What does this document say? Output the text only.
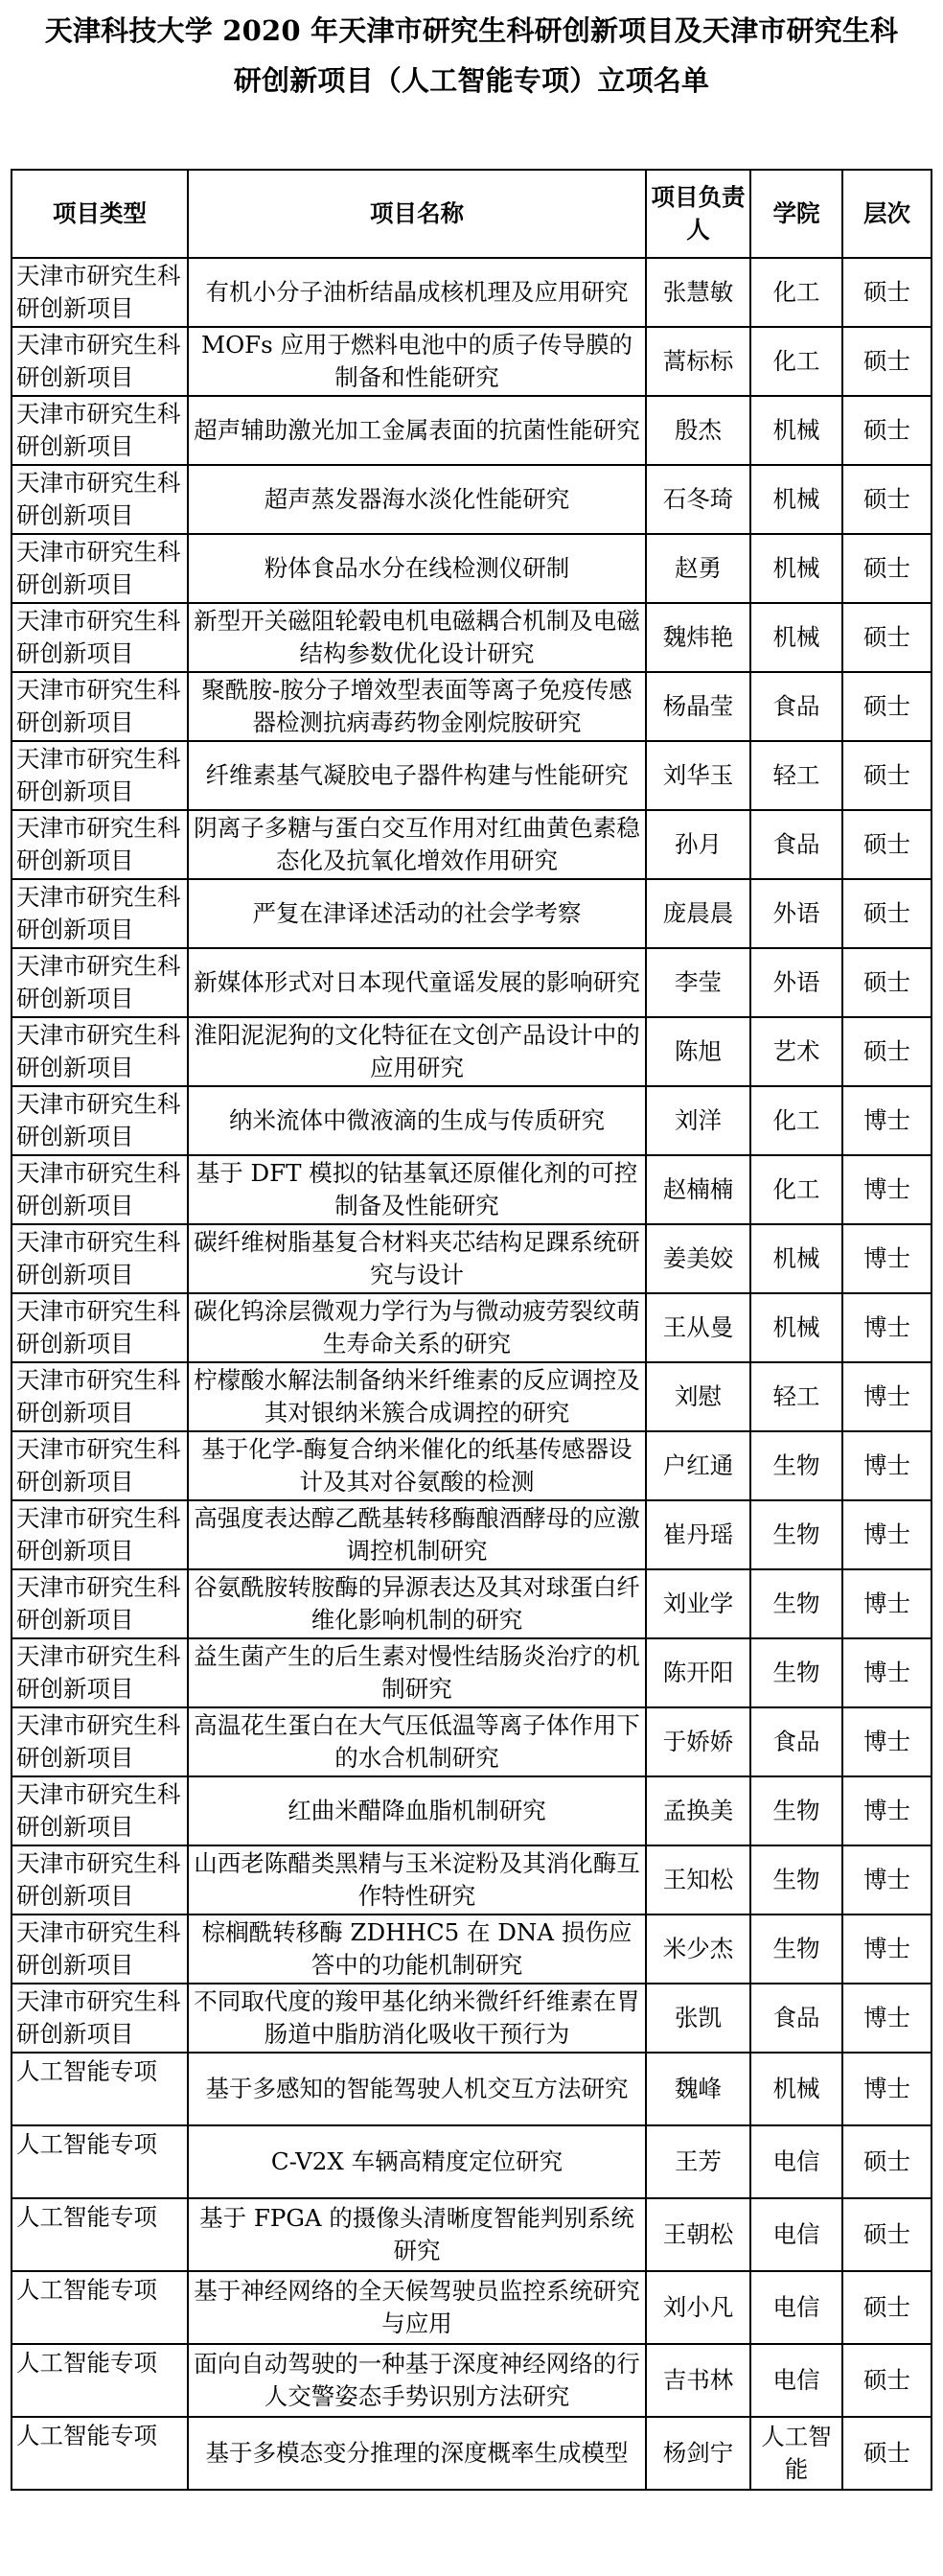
天津科技大学 2020 年天津市研究生科研创新项目及天津市研究生科
研创新项目（人工智能专项）立项名单
项目类型	项目名称	项目负责人	学院	层次
天津市研究生科研创新项目	有机小分子油析结晶成核机理及应用研究	张慧敏	化工	硕士
天津市研究生科研创新项目	MOFs 应用于燃料电池中的质子传导膜的制备和性能研究	蒿标标	化工	硕士
天津市研究生科研创新项目	超声辅助激光加工金属表面的抗菌性能研究	殷杰	机械	硕士
天津市研究生科研创新项目	超声蒸发器海水淡化性能研究	石冬琦	机械	硕士
天津市研究生科研创新项目	粉体食品水分在线检测仪研制	赵勇	机械	硕士
天津市研究生科研创新项目	新型开关磁阻轮毂电机电磁耦合机制及电磁结构参数优化设计研究	魏炜艳	机械	硕士
天津市研究生科研创新项目	聚酰胺-胺分子增效型表面等离子免疫传感器检测抗病毒药物金刚烷胺研究	杨晶莹	食品	硕士
天津市研究生科研创新项目	纤维素基气凝胶电子器件构建与性能研究	刘华玉	轻工	硕士
天津市研究生科研创新项目	阴离子多糖与蛋白交互作用对红曲黄色素稳态化及抗氧化增效作用研究	孙月	食品	硕士
天津市研究生科研创新项目	严复在津译述活动的社会学考察	庞晨晨	外语	硕士
天津市研究生科研创新项目	新媒体形式对日本现代童谣发展的影响研究	李莹	外语	硕士
天津市研究生科研创新项目	淮阳泥泥狗的文化特征在文创产品设计中的应用研究	陈旭	艺术	硕士
天津市研究生科研创新项目	纳米流体中微液滴的生成与传质研究	刘洋	化工	博士
天津市研究生科研创新项目	基于 DFT 模拟的钴基氧还原催化剂的可控制备及性能研究	赵楠楠	化工	博士
天津市研究生科研创新项目	碳纤维树脂基复合材料夹芯结构足踝系统研究与设计	姜美姣	机械	博士
天津市研究生科研创新项目	碳化钨涂层微观力学行为与微动疲劳裂纹萌生寿命关系的研究	王从曼	机械	博士
天津市研究生科研创新项目	柠檬酸水解法制备纳米纤维素的反应调控及其对银纳米簇合成调控的研究	刘慰	轻工	博士
天津市研究生科研创新项目	基于化学-酶复合纳米催化的纸基传感器设计及其对谷氨酸的检测	户红通	生物	博士
天津市研究生科研创新项目	高强度表达醇乙酰基转移酶酿酒酵母的应激调控机制研究	崔丹瑶	生物	博士
天津市研究生科研创新项目	谷氨酰胺转胺酶的异源表达及其对球蛋白纤维化影响机制的研究	刘业学	生物	博士
天津市研究生科研创新项目	益生菌产生的后生素对慢性结肠炎治疗的机制研究	陈开阳	生物	博士
天津市研究生科研创新项目	高温花生蛋白在大气压低温等离子体作用下的水合机制研究	于娇娇	食品	博士
天津市研究生科研创新项目	红曲米醋降血脂机制研究	孟换美	生物	博士
天津市研究生科研创新项目	山西老陈醋类黑精与玉米淀粉及其消化酶互作特性研究	王知松	生物	博士
天津市研究生科研创新项目	棕榈酰转移酶 ZDHHC5 在 DNA 损伤应答中的功能机制研究	米少杰	生物	博士
天津市研究生科研创新项目	不同取代度的羧甲基化纳米微纤纤维素在胃肠道中脂肪消化吸收干预行为	张凯	食品	博士
人工智能专项	基于多感知的智能驾驶人机交互方法研究	魏峰	机械	博士
人工智能专项	C-V2X 车辆高精度定位研究	王芳	电信	硕士
人工智能专项	基于 FPGA 的摄像头清晰度智能判别系统研究	王朝松	电信	硕士
人工智能专项	基于神经网络的全天候驾驶员监控系统研究与应用	刘小凡	电信	硕士
人工智能专项	面向自动驾驶的一种基于深度神经网络的行人交警姿态手势识别方法研究	吉书林	电信	硕士
人工智能专项	基于多模态变分推理的深度概率生成模型	杨剑宁	人工智能	硕士
